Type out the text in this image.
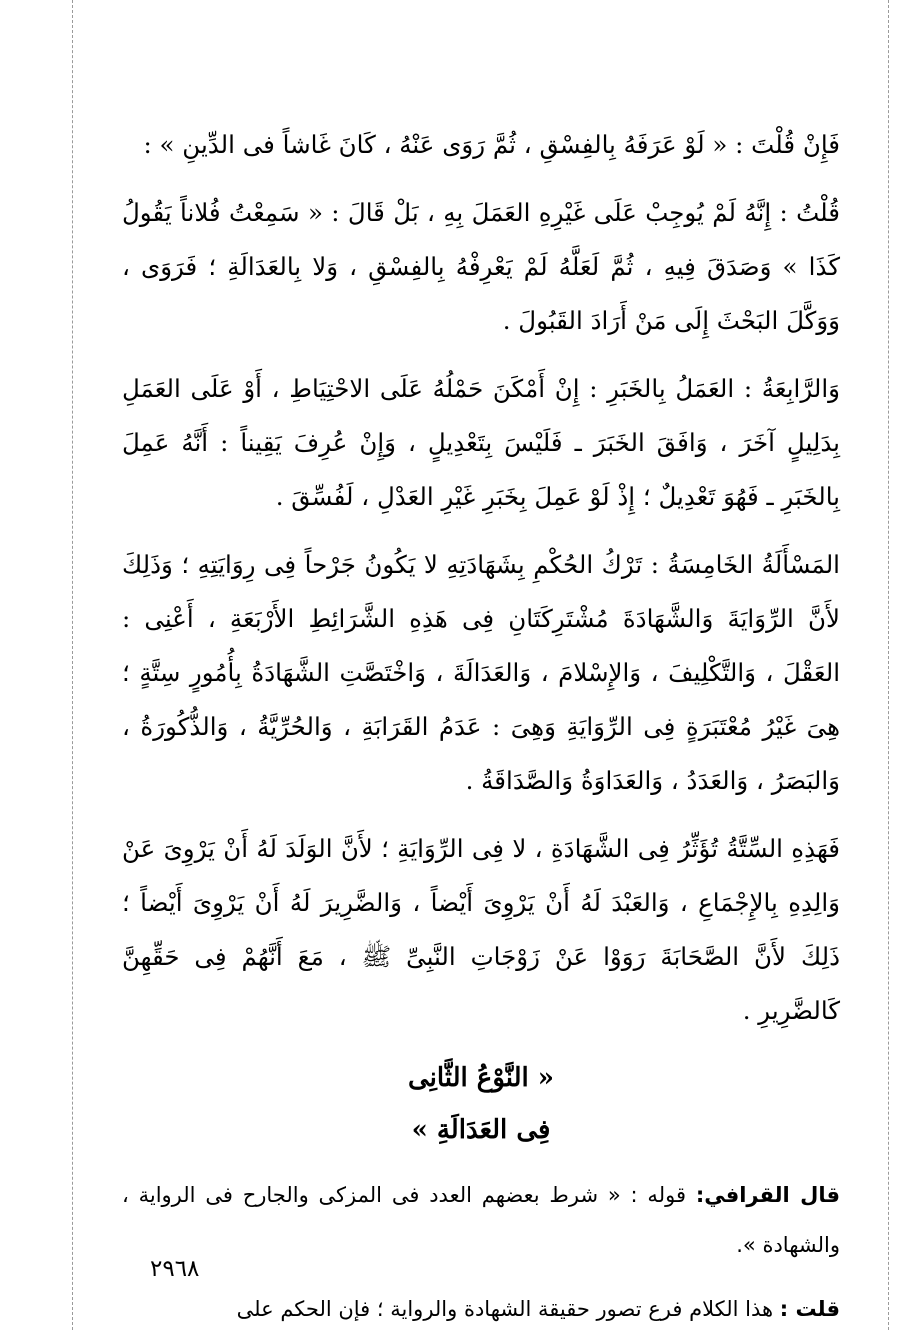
فَإِنْ قُلْتَ : « لَوْ عَرَفَهُ بِالفِسْقِ ، ثُمَّ رَوَى عَنْهُ ، كَانَ غَاشاً فى الدِّينِ » :

قُلْتُ : إِنَّهُ لَمْ يُوجِبْ عَلَى غَيْرِهِ العَمَلَ بِهِ ، بَلْ قَالَ : « سَمِعْتُ فُلاناً يَقُولُ كَذَا » وَصَدَقَ فِيهِ ، ثُمَّ لَعَلَّهُ لَمْ يَعْرِفْهُ بِالفِسْقِ ، وَلا بِالعَدَالَةِ ؛ فَرَوَى ، وَوَكَّلَ البَحْثَ إِلَى مَنْ أَرَادَ القَبُولَ .

وَالرَّابِعَةُ : العَمَلُ بِالخَبَرِ : إِنْ أَمْكَنَ حَمْلُهُ عَلَى الاحْتِيَاطِ ، أَوْ عَلَى العَمَلِ بِدَلِيلٍ آخَرَ ، وَافَقَ الخَبَرَ ـ فَلَيْسَ بِتَعْدِيلٍ ، وَإِنْ عُرِفَ يَقِيناً : أَنَّهُ عَمِلَ بِالخَبَرِ ـ فَهُوَ تَعْدِيلٌ ؛ إِذْ لَوْ عَمِلَ بِخَبَرِ غَيْرِ العَدْلِ ، لَفُسِّقَ .

المَسْأَلَةُ الخَامِسَةُ : تَرْكُ الحُكْمِ بِشَهَادَتِهِ لا يَكُونُ جَرْحاً فِى رِوَايَتِهِ ؛ وَذَلِكَ لأَنَّ الرِّوَايَةَ وَالشَّهَادَةَ مُشْتَرِكَتَانِ فِى هَذِهِ الشَّرَائِطِ الأَرْبَعَةِ ، أَعْنِى : العَقْلَ ، وَالتَّكْلِيفَ ، وَالإِسْلامَ ، وَالعَدَالَةَ ، وَاخْتَصَّتِ الشَّهَادَةُ بِأُمُورٍ سِتَّةٍ ؛ هِىَ غَيْرُ مُعْتَبَرَةٍ فِى الرِّوَايَةِ وَهِىَ : عَدَمُ القَرَابَةِ ، وَالحُرِّيَّةُ ، وَالذُّكُورَةُ ، وَالبَصَرُ ، وَالعَدَدُ ، وَالعَدَاوَةُ وَالصَّدَاقَةُ .

فَهَذِهِ السِّتَّةُ تُؤَثِّرُ فِى الشَّهَادَةِ ، لا فِى الرِّوَايَةِ ؛ لأَنَّ الوَلَدَ لَهُ أَنْ يَرْوِىَ عَنْ وَالِدِهِ بِالإِجْمَاعِ ، وَالعَبْدَ لَهُ أَنْ يَرْوِىَ أَيْضاً ، وَالضَّرِيرَ لَهُ أَنْ يَرْوِىَ أَيْضاً ؛ ذَلِكَ لأَنَّ الصَّحَابَةَ رَوَوْا عَنْ زَوْجَاتِ النَّبِىِّ ﷺ ، مَعَ أَنَّهُمْ فِى حَقِّهِنَّ كَالضَّرِيرِ .

« النَّوْعُ الثَّانِى

فِى العَدَالَةِ »

قال القرافي: قوله : « شرط بعضهم العدد فى المزكى والجارح فى الرواية ، والشهادة ».

قلت : هذا الكلام فرع تصور حقيقة الشهادة والرواية ؛ فإن الحكم على

٢٩٦٨
